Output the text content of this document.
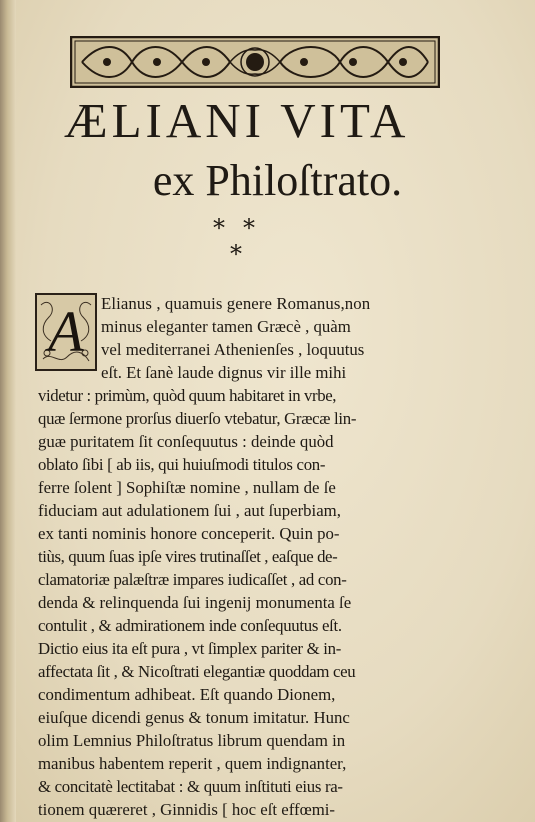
ÆLIANI VITA
ex Philoſtrato.
**
*
A	Elianus , quamuis genere Romanus,non
minus eleganter tamen Græcè , quàm
vel mediterranei Athenienſes , loquutus
eſt. Et ſanè laude dignus vir ille mihi
videtur : primùm, quòd quum habitaret in vrbe,
quæ ſermone prorſus diuerſo vtebatur, Græcæ lin-
guæ puritatem ſit conſequutus : deinde quòd
oblato ſibi [ ab iis, qui huiuſmodi titulos con-
ferre ſolent ] Sophiſtæ nomine , nullam de ſe
fiduciam aut adulationem ſui , aut ſuperbiam,
ex tanti nominis honore conceperit. Quin po-
tiùs, quum ſuas ipſe vires trutinaſſet , eaſque de-
clamatoriæ palæſtræ impares iudicaſſet , ad con-
denda & relinquenda ſui ingenij monumenta ſe
contulit , & admirationem inde conſequutus eſt.
Dictio eius ita eſt pura , vt ſimplex pariter & in-
affectata ſit , & Nicoſtrati elegantiæ quoddam ceu
condimentum adhibeat. Eſt quando Dionem,
eiuſque dicendi genus & tonum imitatur. Hunc
olim Lemnius Philoſtratus librum quendam in
manibus habentem reperit , quem indignanter,
& concitatè lectitabat : & quum inſtituti eius ra-
tionem quæreret , Ginnidis [ hoc eſt effœmi-
